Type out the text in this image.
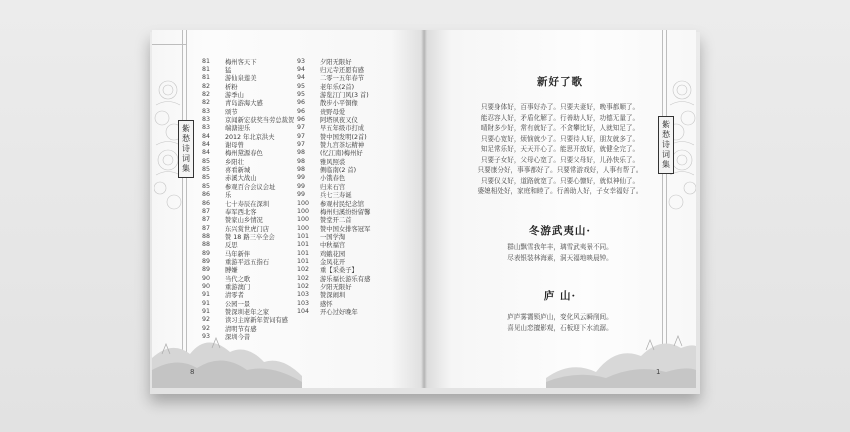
紫愁诗词集
81	梅州客天下
81	猛
81	游仙泉莲美
82	析粉
82	游季山
82	青岛游海大感
83	颂节
83	京闻新宏获奖当劳总裁贺
83	端溏迎乐
84	2012 年北京洪夫
84	谢母曾
84	梅州黛源春色
85	乡阳壮
85	喜看新城
85	赤溪大战山
85	参观百合会议会址
86	乐
86	七十寿辰在深圳
87	奉军西北客
87	赞家山乡情况
87	东兴赏世虎门店
88	赞 18 路三卒全会
88	反思
89	马年新伴
89	重游平远五指石
89	膊嫌
90	当代之歌
90	重游澳门
91	清零者
91	公园一景
91	赞深圳老年之家
92	读习主席新年贺词有感
92	清明节有感
93	深圳今昔
93	夕阳无限好
94	归元寺还愿有感
94	二零一五年春节
95	老年乐(2首)
95	游览江门风(3 首)
96	散步小平铜像
96	贵野母爱
96	阿塔夙夜又仪
97	早五年级市打成
97	赞中国发明(2首)
97	赞九宫茶坛精神
98	(忆江南)梅州好
98	雅风照裘
98	侧临南(2 首)
99	小饿春色
99	归来石宫
99	兵七三寿诞
100	参观村民纪念馆
100	梅州归溪纷纷留馨
100	赞堂开二首
100	赞中国女排客冠军
101	一国学淘
101	中秋福宫
101	鸡蛾花园
101	金凤花开
102	重【采桑子】
102	游乐福长游乐有感
102	夕阳无限好
103	赞深闹圳
103	感怀
104	开心过好晚年
8
紫愁诗词集
新好了歌
只要身体好，百事好办了。只要夫妻好，晚事都顺了。
能忍容人好，矛盾化解了。行善助人好，功德无量了。
晴財多少好，常有就好了。不贪攀比好，人就知足了。
只要心宽好，烦恼就少了。只要待人好，朋友就多了。
知足常乐好，天天开心了。能思开放好，就健全完了。
只要子女好，父母心宽了。只要父母好，儿孙快乐了。
只要康分好，事事都好了。只要常游戏好，人事有帮了。
只要仅义好，道路就宽了。只要心慷好，就似神仙了。
婆媳相处好，家庭和睦了。行善助人好，子女幸福好了。
冬游武夷山·
群山飘雪我年丰，璃雪武夷景不同。
尽表银装林海素，洞天福地映晨钟。
庐 山·
庐庐雾霭锁庐山，变化风云瞬削间。
喜见山恋擅影观，石板迎下水流潺。
1
